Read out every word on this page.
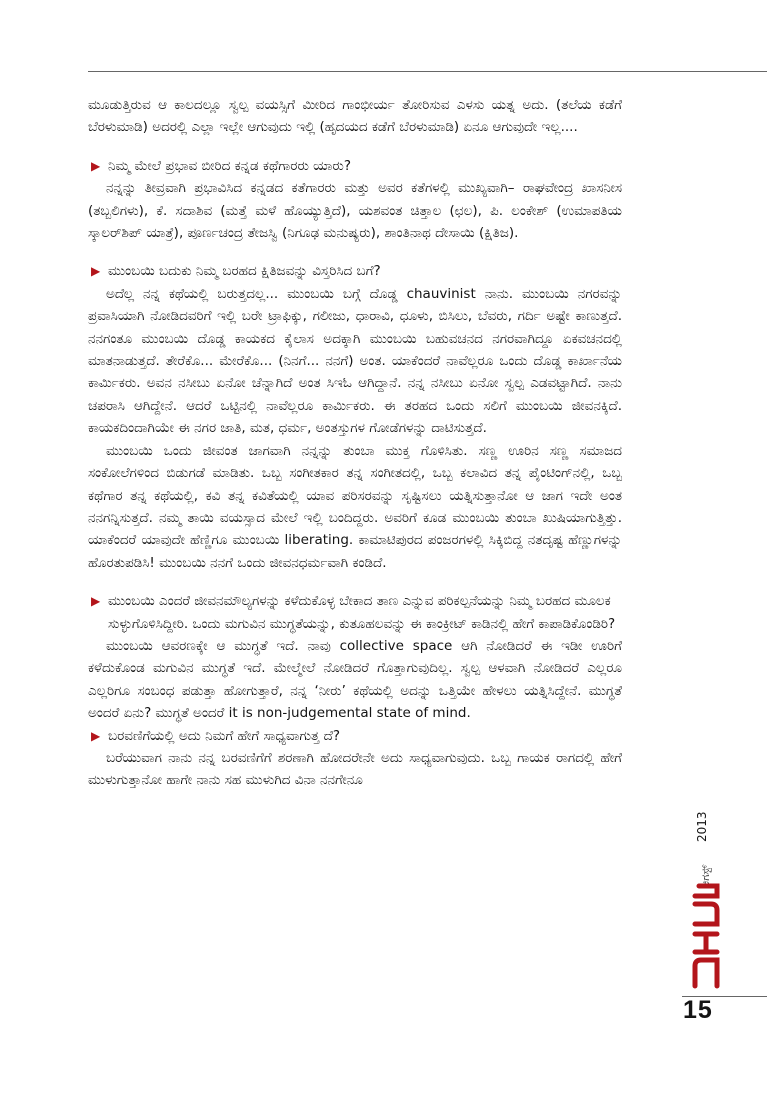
ಮೂಡುತ್ತಿರುವ ಆ ಕಾಲದಲ್ಲೂ ಸ್ವಲ್ಪ ವಯಸ್ಸಿಗೆ ಮೀರಿದ ಗಾಂಭೀರ್ಯ ತೋರಿಸುವ ಎಳಸು ಯತ್ನ ಅದು. (ತಲೆಯ ಕಡೆಗೆ ಬೆರಳುಮಾಡಿ) ಅದರಲ್ಲಿ ಎಲ್ಲಾ ಇಲ್ಲೇ ಆಗುವುದು ಇಲ್ಲಿ (ಹೃದಯದ ಕಡೆಗೆ ಬೆರಳುಮಾಡಿ) ಏನೂ ಆಗುವುದೇ ಇಲ್ಲ....

▶ ನಿಮ್ಮ ಮೇಲೆ ಪ್ರಭಾವ ಬೀರಿದ ಕನ್ನಡ ಕಥೆಗಾರರು ಯಾರು?

ನನ್ನನ್ನು ತೀವ್ರವಾಗಿ ಪ್ರಭಾವಿಸಿದ ಕನ್ನಡದ ಕತೆಗಾರರು ಮತ್ತು ಅವರ ಕತೆಗಳಲ್ಲಿ ಮುಖ್ಯವಾಗಿ– ರಾಘವೇಂದ್ರ ಖಾಸನೀಸ (ತಬ್ಬಲಿಗಳು), ಕೆ. ಸದಾಶಿವ (ಮತ್ತೆ ಮಳೆ ಹೊಯ್ಯುತ್ತಿದೆ), ಯಶವಂತ ಚಿತ್ತಾಲ (ಛಲ), ಪಿ. ಲಂಕೇಶ್ (ಉಮಾಪತಿಯ ಸ್ಕಾಲರ್‌ಶಿಪ್ ಯಾತ್ರೆ), ಪೂರ್ಣಚಂದ್ರ ತೇಜಸ್ವಿ (ನಿಗೂಢ ಮನುಷ್ಯರು), ಶಾಂತಿನಾಥ ದೇಸಾಯಿ (ಕ್ಷಿತಿಜ).

▶ ಮುಂಬಯಿ ಬದುಕು ನಿಮ್ಮ ಬರಹದ ಕ್ಷಿತಿಜವನ್ನು ವಿಸ್ತರಿಸಿದ ಬಗೆ?

ಅದೆಲ್ಲ ನನ್ನ ಕಥೆಯಲ್ಲಿ ಬರುತ್ತದಲ್ಲ... ಮುಂಬಯಿ ಬಗ್ಗೆ ದೊಡ್ಡ chauvinist ನಾನು. ಮುಂಬಯಿ ನಗರವನ್ನು ಪ್ರವಾಸಿಯಾಗಿ ನೋಡಿದವರಿಗೆ ಇಲ್ಲಿ ಬರೇ ಟ್ರಾಫಿಕ್ಕು, ಗಲೀಜು, ಧಾರಾವಿ, ಧೂಳು, ಬಿಸಿಲು, ಬೆವರು, ಗರ್ದಿ ಅಷ್ಟೇ ಕಾಣುತ್ತದೆ. ನನಗಂತೂ ಮುಂಬಯಿ ದೊಡ್ಡ ಕಾಯಕದ ಕೈಲಾಸ ಅದಕ್ಕಾಗಿ ಮುಂಬಯಿ ಬಹುವಚನದ ನಗರವಾಗಿದ್ದೂ ಏಕವಚನದಲ್ಲಿ ಮಾತನಾಡುತ್ತದೆ. ತೇರೆಕೊ... ಮೇರೆಕೊ... (ನಿನಗೆ... ನನಗೆ) ಅಂತ. ಯಾಕೆಂದರೆ ನಾವೆಲ್ಲರೂ ಒಂದು ದೊಡ್ಡ ಕಾರ್ಖಾನೆಯ ಕಾರ್ಮಿಕರು. ಅವನ ನಸೀಬು ಏನೋ ಚೆನ್ನಾಗಿದೆ ಅಂತ ಸಿಇಓ ಆಗಿದ್ದಾನೆ. ನನ್ನ ನಸೀಬು ಏನೋ ಸ್ವಲ್ಪ ಎಡವಟ್ಟಾಗಿದೆ. ನಾನು ಚಪರಾಸಿ ಆಗಿದ್ದೇನೆ. ಆದರೆ ಒಟ್ಟಿನಲ್ಲಿ ನಾವೆಲ್ಲರೂ ಕಾರ್ಮಿಕರು. ಈ ತರಹದ ಒಂದು ಸಲಿಗೆ ಮುಂಬಯಿ ಜೀವನಕ್ಕಿದೆ. ಕಾಯಕದಿಂದಾಗಿಯೇ ಈ ನಗರ ಜಾತಿ, ಮತ, ಧರ್ಮ, ಅಂತಸ್ತುಗಳ ಗೋಡೆಗಳನ್ನು ದಾಟಿಸುತ್ತದೆ.

ಮುಂಬಯಿ ಒಂದು ಜೀವಂತ ಜಾಗವಾಗಿ ನನ್ನನ್ನು ತುಂಬಾ ಮುಕ್ತ ಗೊಳಿಸಿತು. ಸಣ್ಣ ಊರಿನ ಸಣ್ಣ ಸಮಾಜದ ಸಂಕೋಲೆಗಳಿಂದ ಬಿಡುಗಡೆ ಮಾಡಿತು. ಒಬ್ಬ ಸಂಗೀತಕಾರ ತನ್ನ ಸಂಗೀತದಲ್ಲಿ, ಒಬ್ಬ ಕಲಾವಿದ ತನ್ನ ಪೈಂಟಿಂಗ್‌ನಲ್ಲಿ, ಒಬ್ಬ ಕಥೆಗಾರ ತನ್ನ ಕಥೆಯಲ್ಲಿ, ಕವಿ ತನ್ನ ಕವಿತೆಯಲ್ಲಿ ಯಾವ ಪರಿಸರವನ್ನು ಸೃಷ್ಟಿಸಲು ಯತ್ನಿಸುತ್ತಾನೋ ಆ ಜಾಗ ಇದೇ ಅಂತ ನನಗನ್ನಿಸುತ್ತದೆ. ನಮ್ಮ ತಾಯಿ ವಯಸ್ಸಾದ ಮೇಲೆ ಇಲ್ಲಿ ಬಂದಿದ್ದರು. ಅವರಿಗೆ ಕೂಡ ಮುಂಬಯಿ ತುಂಬಾ ಖುಷಿಯಾಗುತ್ತಿತ್ತು. ಯಾಕೆಂದರೆ ಯಾವುದೇ ಹೆಣ್ಣಿಗೂ ಮುಂಬಯಿ liberating. ಕಾಮಾಟಿಪುರದ ಪಂಜರಗಳಲ್ಲಿ ಸಿಕ್ಕಿಬಿದ್ದ ನತದೃಷ್ಟ ಹೆಣ್ಣುಗಳನ್ನು ಹೊರತುಪಡಿಸಿ! ಮುಂಬಯಿ ನನಗೆ ಒಂದು ಜೀವನಧರ್ಮವಾಗಿ ಕಂಡಿದೆ.

▶ ಮುಂಬಯಿ ಎಂದರೆ ಜೀವನಮೌಲ್ಯಗಳನ್ನು ಕಳೆದುಕೊಳ್ಳ ಬೇಕಾದ ತಾಣ ಎನ್ನುವ ಪರಿಕಲ್ಪನೆಯನ್ನು ನಿಮ್ಮ ಬರಹದ ಮೂಲಕ ಸುಳ್ಳುಗೊಳಿಸಿದ್ದೀರಿ. ಒಂದು ಮಗುವಿನ ಮುಗ್ಧತೆಯನ್ನು, ಕುತೂಹಲವನ್ನು ಈ ಕಾಂಕ್ರೀಟ್ ಕಾಡಿನಲ್ಲಿ ಹೇಗೆ ಕಾಪಾಡಿಕೊಂಡಿರಿ?

ಮುಂಬಯಿ ಆವರಣಕ್ಕೇ ಆ ಮುಗ್ಧತೆ ಇದೆ. ನಾವು collective space ಆಗಿ ನೋಡಿದರೆ ಈ ಇಡೀ ಊರಿಗೆ ಕಳೆದುಕೊಂಡ ಮಗುವಿನ ಮುಗ್ಧತೆ ಇದೆ. ಮೇಲ್ಮೇಲೆ ನೋಡಿದರೆ ಗೊತ್ತಾಗುವುದಿಲ್ಲ. ಸ್ವಲ್ಪ ಆಳವಾಗಿ ನೋಡಿದರೆ ಎಲ್ಲರೂ ಎಲ್ಲರಿಗೂ ಸಂಬಂಧ ಪಡುತ್ತಾ ಹೋಗುತ್ತಾರೆ, ನನ್ನ ‘ನೀರು’ ಕಥೆಯಲ್ಲಿ ಅದನ್ನು ಒತ್ತಿಯೇ ಹೇಳಲು ಯತ್ನಿಸಿದ್ದೇನೆ. ಮುಗ್ಧತೆ ಅಂದರೆ ಏನು? ಮುಗ್ಧತೆ ಅಂದರೆ it is non-judgemental state of mind.

▶ ಬರವಣಿಗೆಯಲ್ಲಿ ಅದು ನಿಮಗೆ ಹೇಗೆ ಸಾಧ್ಯವಾಗುತ್ತ ದೆ?

ಬರೆಯುವಾಗ ನಾನು ನನ್ನ ಬರವಣಿಗೆಗೆ ಶರಣಾಗಿ ಹೋದರೇನೇ ಅದು ಸಾಧ್ಯವಾಗುವುದು. ಒಬ್ಬ ಗಾಯಕ ರಾಗದಲ್ಲಿ ಹೇಗೆ ಮುಳುಗುತ್ತಾನೋ ಹಾಗೇ ನಾನು ಸಹ ಮುಳುಗಿದ ವಿನಾ ನನಗೇನೂ

2013
ಆಗಸ್ಟ್
15
